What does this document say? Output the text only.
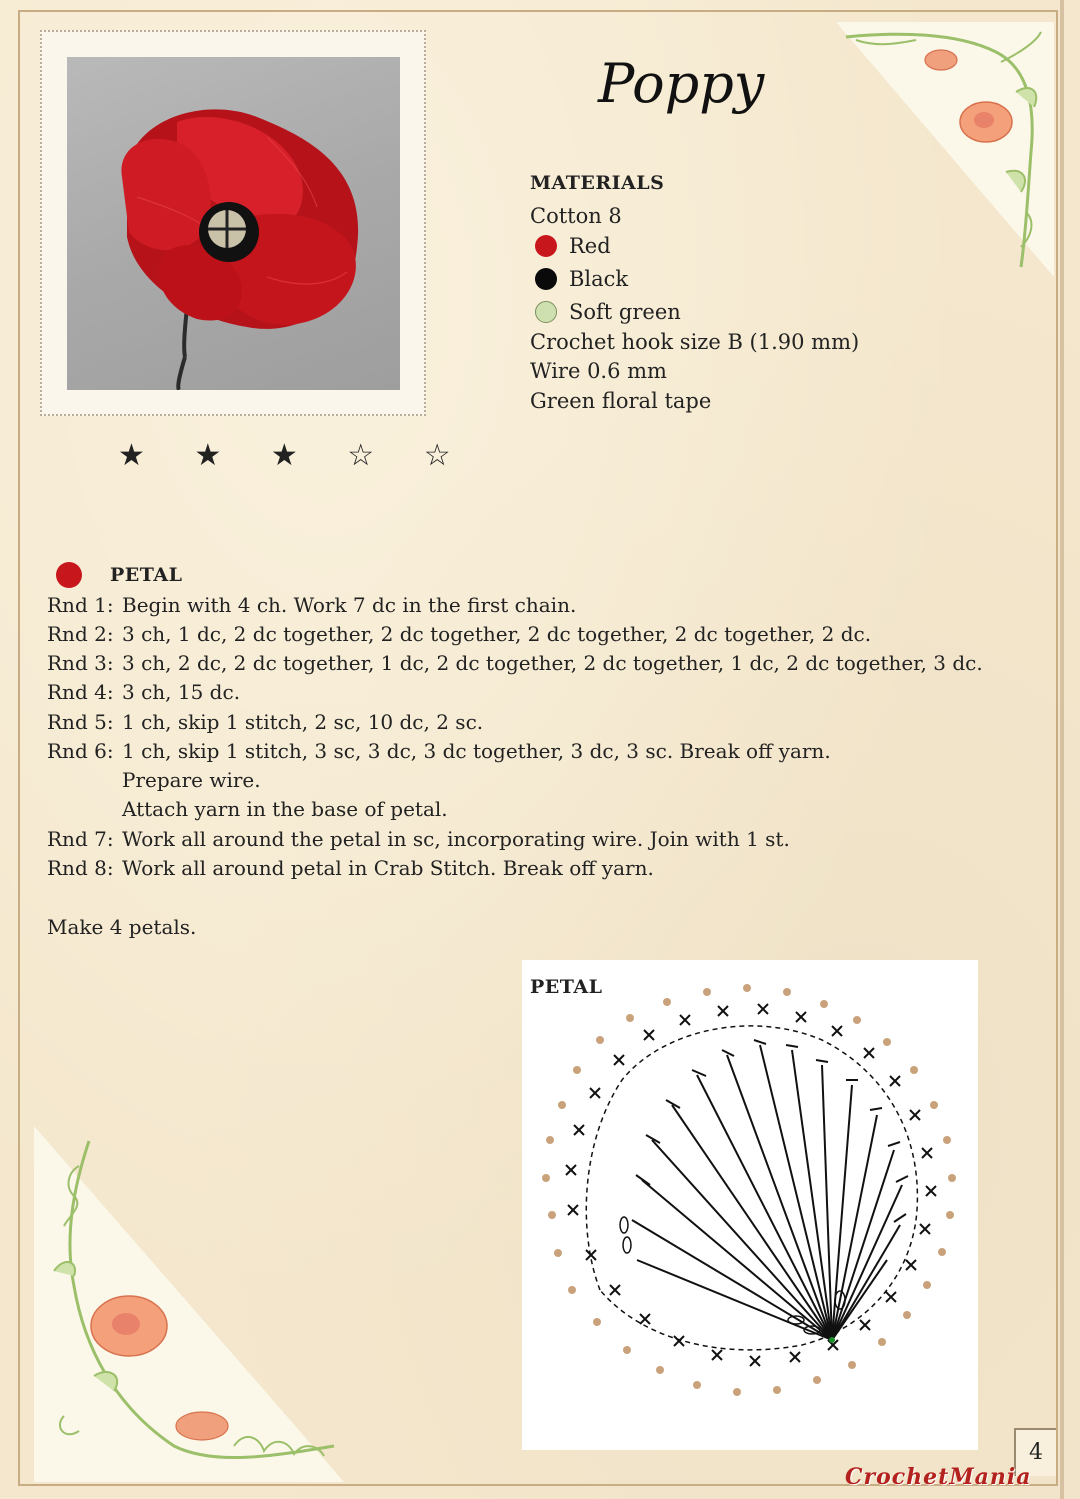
★ ★ ★ ☆ ☆
Poppy
MATERIALS
Cotton 8
Red
Black
Soft green
Crochet hook size B (1.90 mm)
Wire 0.6 mm
Green floral tape
PETAL
Rnd 1: Begin with 4 ch. Work 7 dc in the first chain.
Rnd 2: 3 ch, 1 dc, 2 dc together, 2 dc together, 2 dc together, 2 dc together, 2 dc.
Rnd 3: 3 ch, 2 dc, 2 dc together, 1 dc, 2 dc together, 2 dc together, 1 dc, 2 dc together, 3 dc.
Rnd 4: 3 ch, 15 dc.
Rnd 5: 1 ch, skip 1 stitch, 2 sc, 10 dc, 2 sc.
Rnd 6: 1 ch, skip 1 stitch, 3 sc, 3 dc, 3 dc together, 3 dc, 3 sc. Break off yarn.
Prepare wire.
Attach yarn in the base of petal.
Rnd 7: Work all around the petal in sc, incorporating wire. Join with 1 st.
Rnd 8: Work all around petal in Crab Stitch. Break off yarn.
Make 4 petals.
PETAL
4
CrochetMania
